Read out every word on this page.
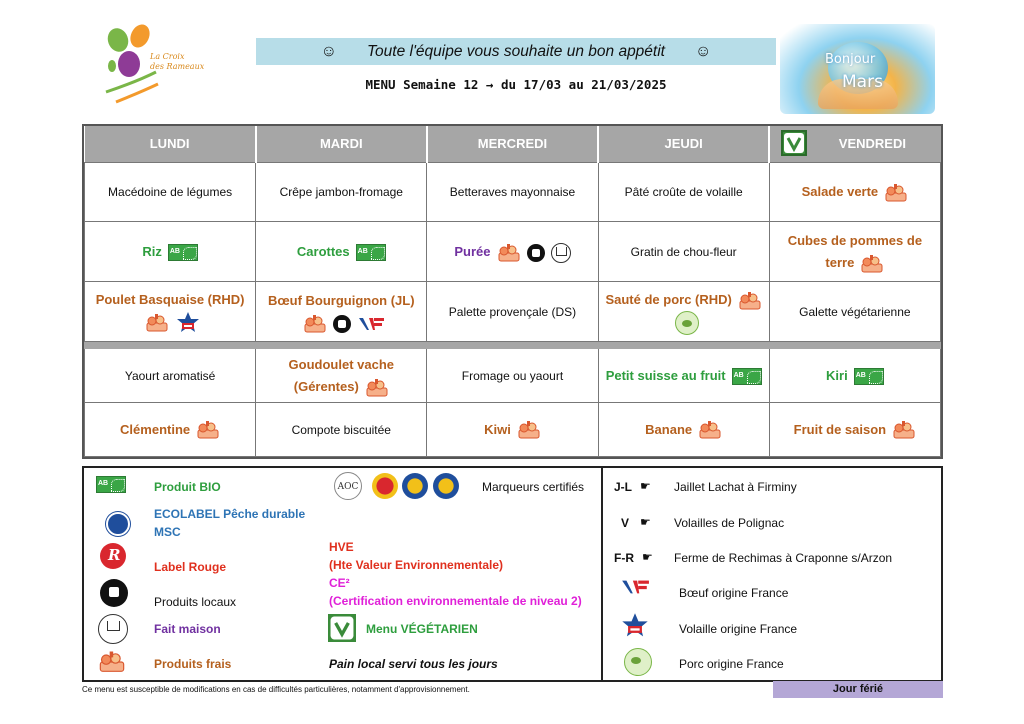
La Croix
des Rameaux
☺ Toute l'équipe vous souhaite un bon appétit ☺
MENU Semaine 12 → du 17/03 au 21/03/2025
Bonjour
Mars
LUNDI	MARDI	MERCREDI	JEUDI	VENDREDI
Macédoine de légumes	Crêpe jambon-fromage	Betteraves mayonnaise	Pâté croûte de volaille	Salade verte

RizAB	CarottesAB	Purée	Gratin de chou-fleur	Cubes de pommes de terre

Poulet Basquaise (RHD)	Bœuf Bourguignon (JL)	Palette provençale (DS)	Sauté de porc (RHD)	Galette végétarienne

Yaourt aromatisé	Goudoulet vache (Gérentes)	Fromage ou yaourt	Petit suisse au fruitAB	KiriAB
Clémentine	Compote biscuitée	Kiwi	Banane	Fruit de saison
AB
Produit BIO
ECOLABEL Pêche durable
MSC
R
Label Rouge
Produits locaux
Fait maison
Produits frais
AOC	Marqueurs certifiés
HVE
(Hte Valeur Environnementale)
CE²
(Certification environnementale de niveau 2)
Menu VÉGÉTARIEN
Pain local servi tous les jours
J-L ☛ Jaillet Lachat à Firminy
V ☛ Volailles de Polignac
F-R ☛ Ferme de Rechimas à Craponne s/Arzon
Bœuf origine France
Volaille origine France
Porc origine France
Ce menu est susceptible de modifications en cas de difficultés particulières, notamment d'approvisionnement.	Jour férié
